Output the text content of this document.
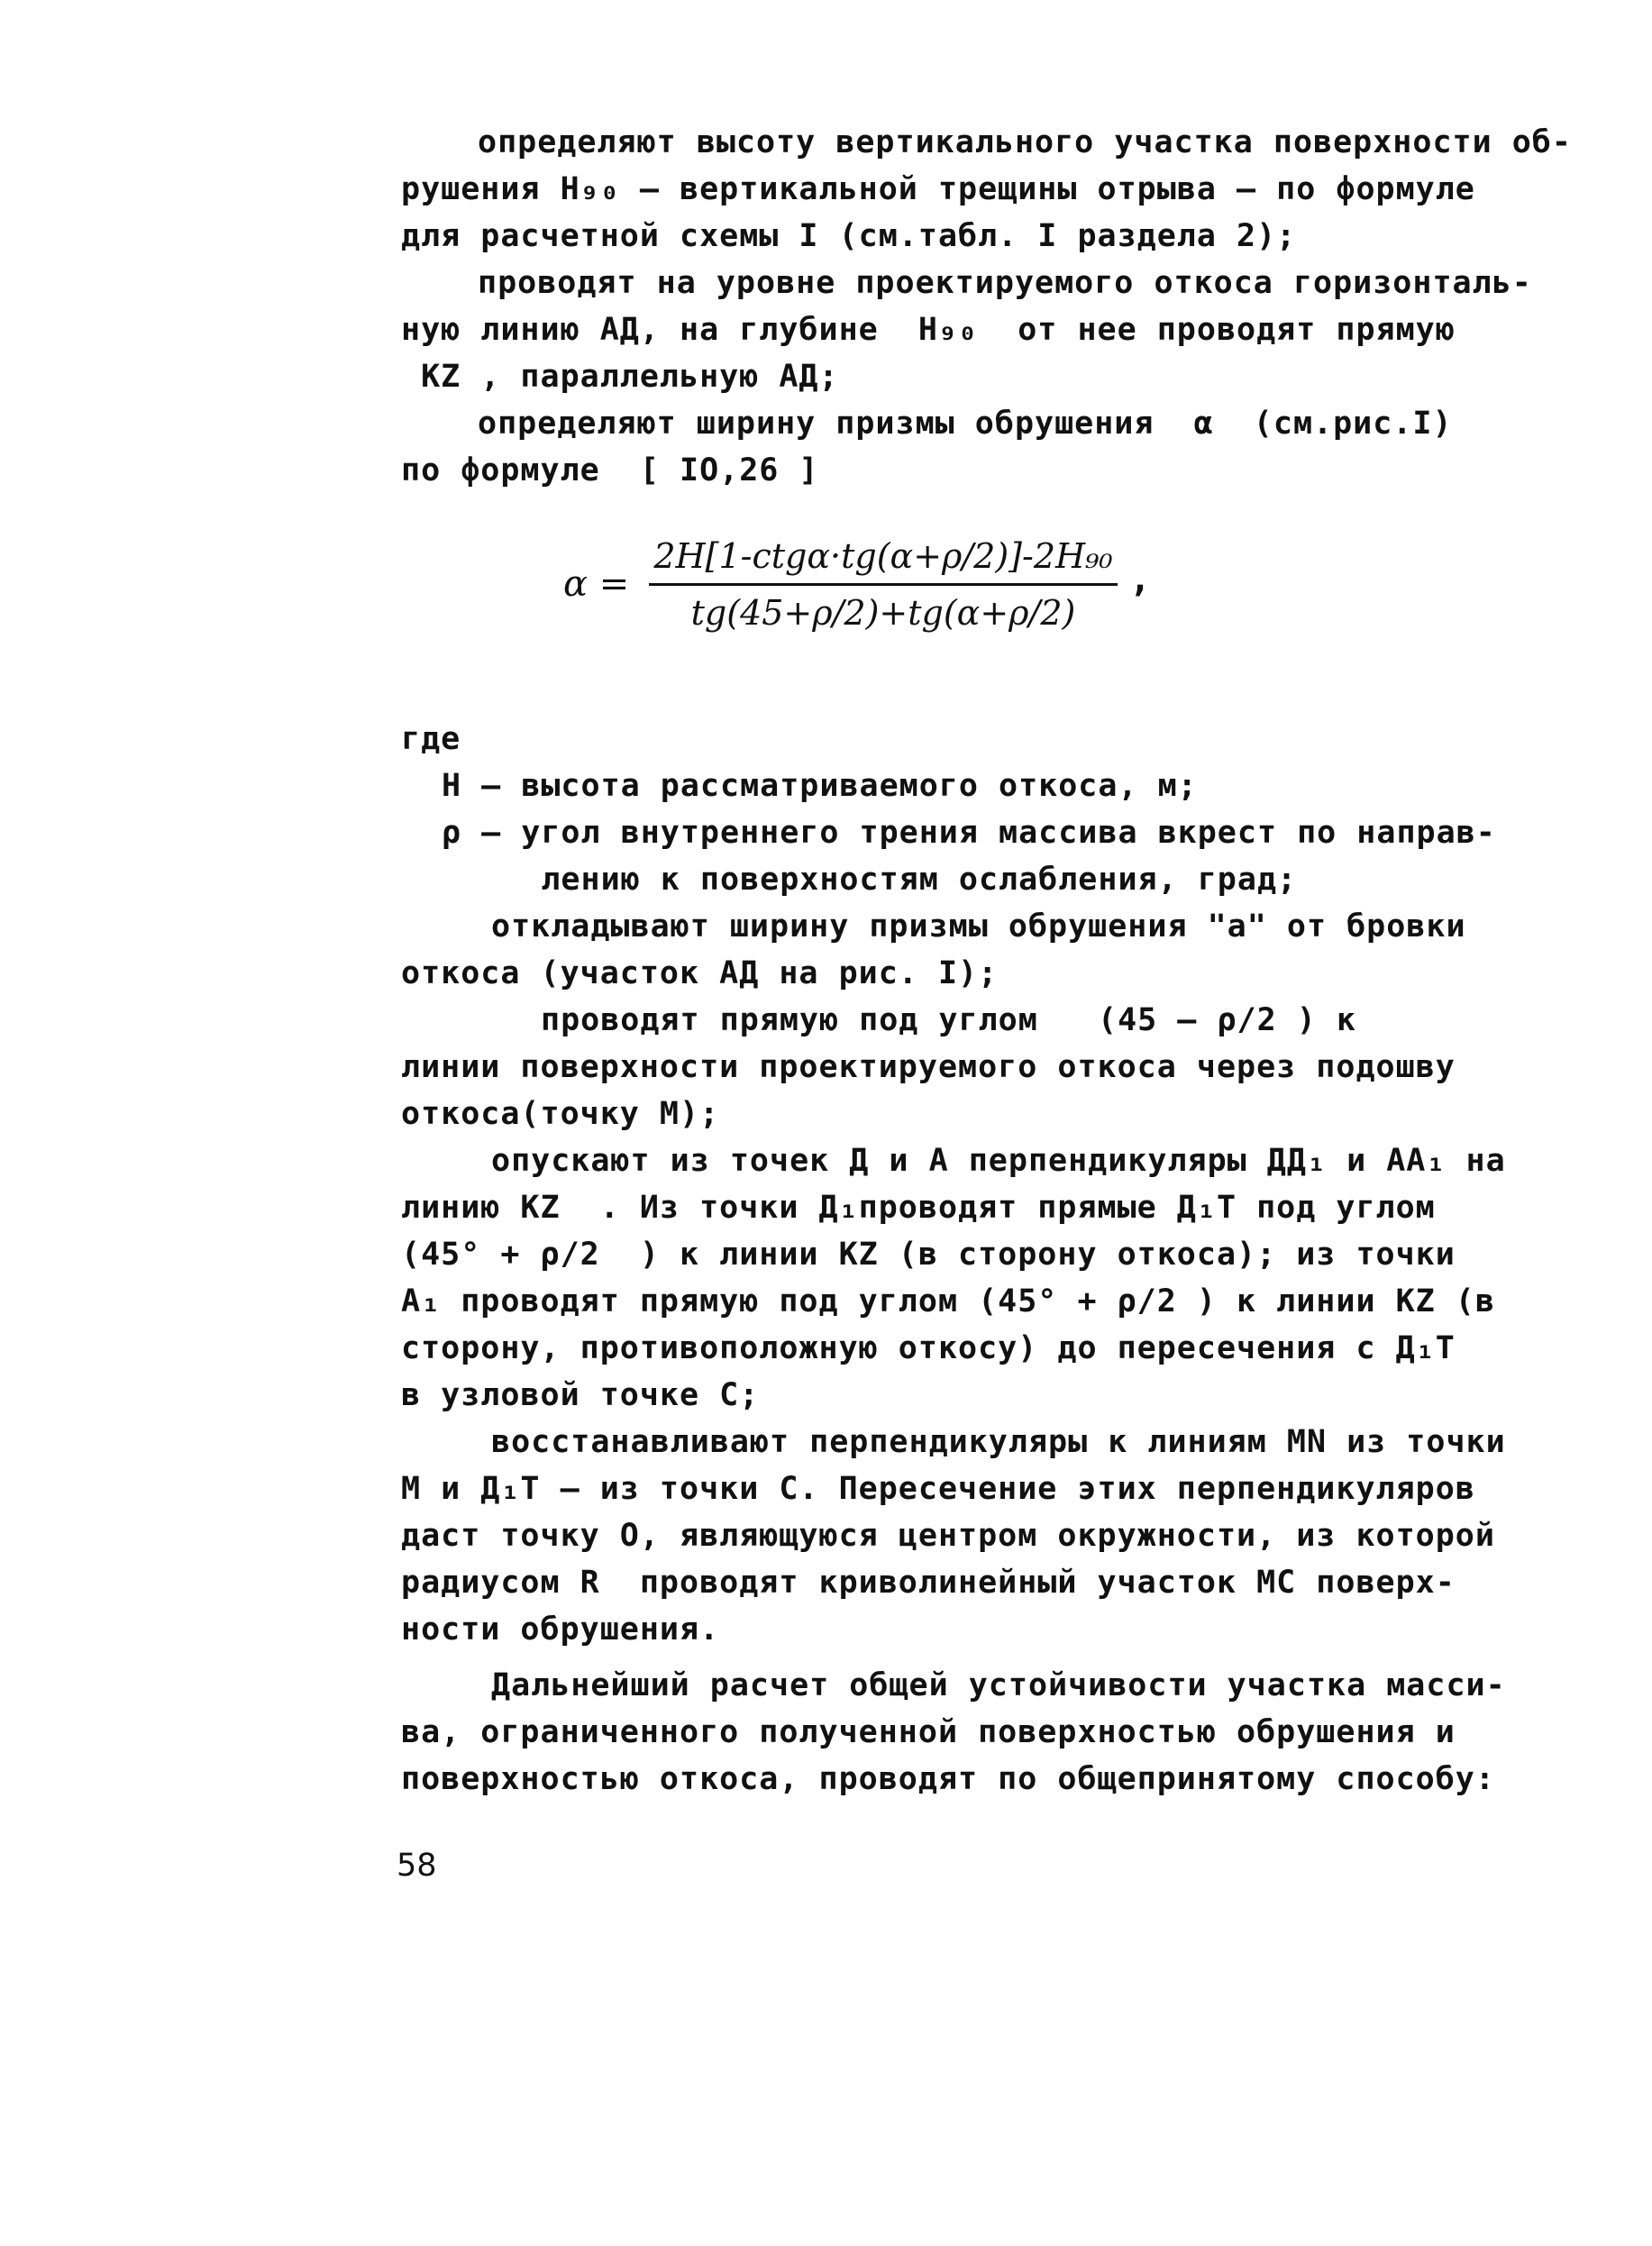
определяют высоту вертикального участка поверхности об-
рушения H₉₀ – вертикальной трещины отрыва – по формуле
для расчетной схемы I (см.табл. I раздела 2);
проводят на уровне проектируемого откоса горизонталь-
ную линию АД, на глубине  H₉₀  от нее проводят прямую
KZ , параллельную АД;
определяют ширину призмы обрушения  α  (см.рис.I)
по формуле  [ IO,26 ]
α =
2H[1-ctgα·tg(α+ρ/2)]-2H₉₀
tg(45+ρ/2)+tg(α+ρ/2)
,
где
H – высота рассматриваемого откоса, м;
ρ – угол внутреннего трения массива вкрест по направ-
лению к поверхностям ослабления, град;
откладывают ширину призмы обрушения "а" от бровки
откоса (участок АД на рис. I);
проводят прямую под углом   (45 – ρ/2 ) к
линии поверхности проектируемого откоса через подошву
откоса(точку M);
опускают из точек Д и А перпендикуляры ДД₁ и АА₁ на
линию KZ  . Из точки Д₁проводят прямые Д₁T под углом
(45° + ρ/2  ) к линии KZ (в сторону откоса); из точки
А₁ проводят прямую под углом (45° + ρ/2 ) к линии KZ (в
сторону, противоположную откосу) до пересечения с Д₁T
в узловой точке C;
восстанавливают перпендикуляры к линиям MN из точки
M и Д₁T – из точки C. Пересечение этих перпендикуляров
даст точку O, являющуюся центром окружности, из которой
радиусом R  проводят криволинейный участок MC поверх-
ности обрушения.
Дальнейший расчет общей устойчивости участка масси-
ва, ограниченного полученной поверхностью обрушения и
поверхностью откоса, проводят по общепринятому способу:
58
